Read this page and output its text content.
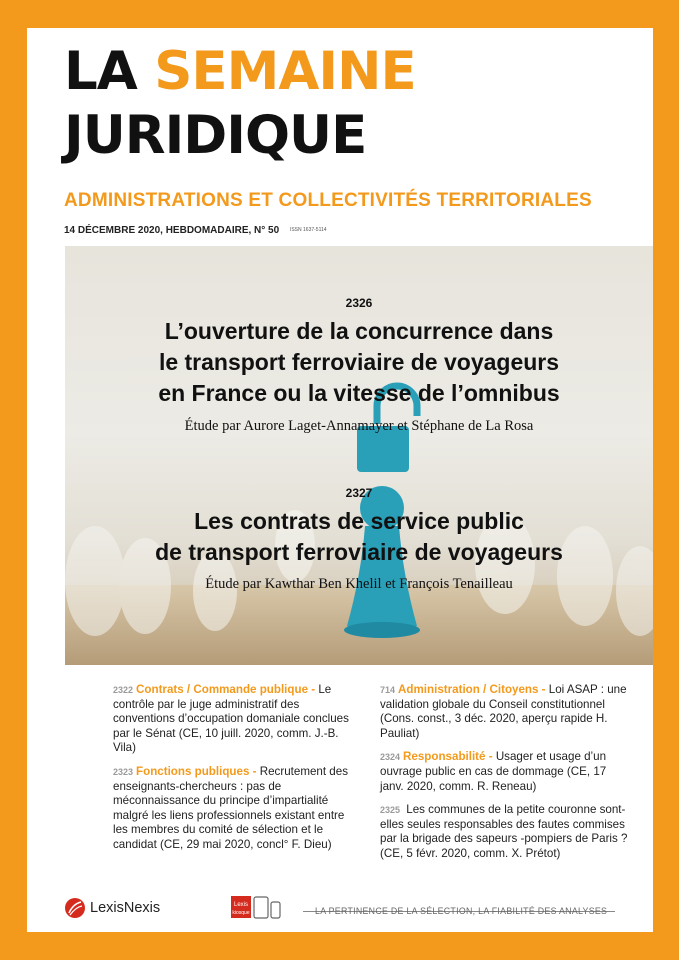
LA SEMAINE
JURIDIQUE
ADMINISTRATIONS ET COLLECTIVITÉS TERRITORIALES
14 DÉCEMBRE 2020, HEBDOMADAIRE, N° 50 ISSN 1637-5114
2326
L’ouverture de la concurrence dans
le transport ferroviaire de voyageurs
en France ou la vitesse de l’omnibus
Étude par Aurore Laget-Annamayer et Stéphane de La Rosa
2327
Les contrats de service public
de transport ferroviaire de voyageurs
Étude par Kawthar Ben Khelil et François Tenailleau
2322 Contrats / Commande publique - Le contrôle par le juge administratif des conventions d’occupation domaniale conclues par le Sénat (CE, 10 juill. 2020, comm. J.-B. Vila)
2323 Fonctions publiques - Recrutement des enseignants-chercheurs : pas de méconnaissance du principe d’impartialité malgré les liens professionnels existant entre les membres du comité de sélection et le candidat (CE, 29 mai 2020, concl° F. Dieu)
714 Administration / Citoyens - Loi ASAP : une validation globale du Conseil constitutionnel (Cons. const., 3 déc. 2020, aperçu rapide H. Pauliat)
2324 Responsabilité - Usager et usage d’un ouvrage public en cas de dommage (CE, 17 janv. 2020, comm. R. Reneau)
2325 Les communes de la petite couronne sont-elles seules responsables des fautes commises par la brigade des sapeurs -pompiers de Paris ? (CE, 5 févr. 2020, comm. X. Prétot)
LexisNexis	Lexis
kiosque	LA PERTINENCE DE LA SÉLECTION, LA FIABILITÉ DES ANALYSES
